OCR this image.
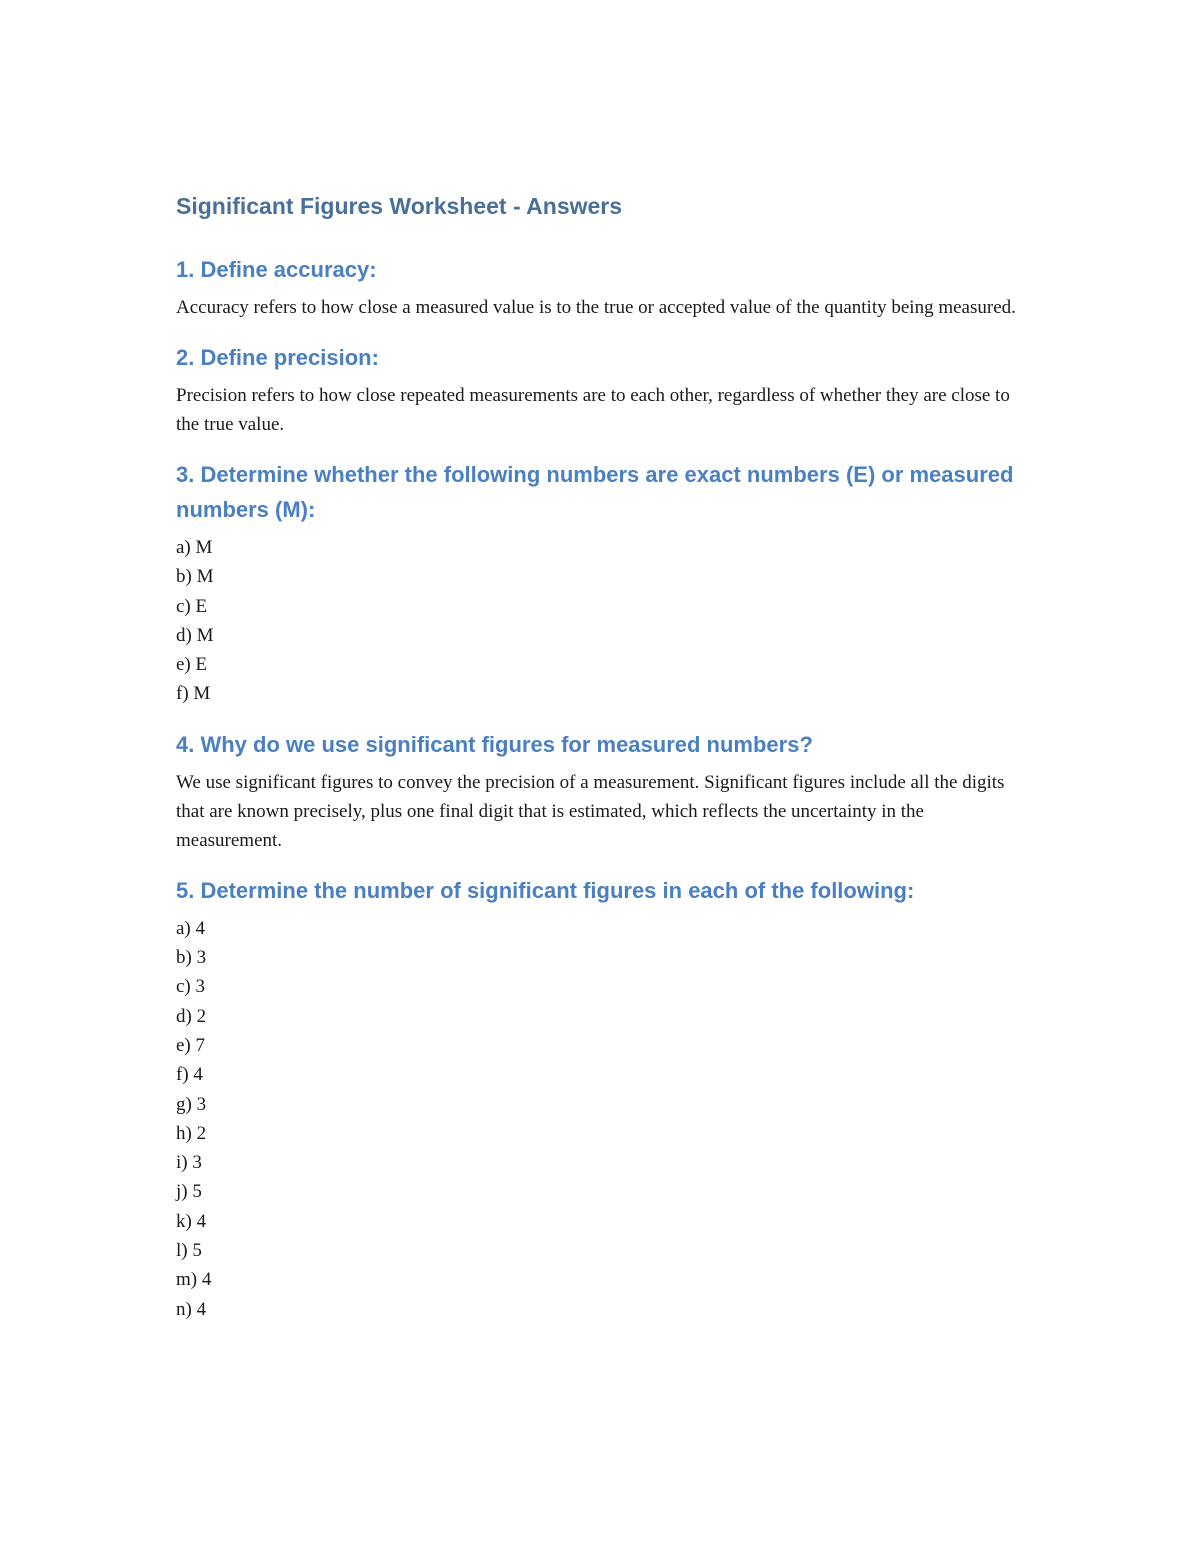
Significant Figures Worksheet - Answers
1. Define accuracy:

Accuracy refers to how close a measured value is to the true or accepted value of the quantity being measured.

2. Define precision:

Precision refers to how close repeated measurements are to each other, regardless of whether they are close to the true value.

3. Determine whether the following numbers are exact numbers (E) or measured numbers (M):
a) M
b) M
c) E
d) M
e) E
f) M
4. Why do we use significant figures for measured numbers?

We use significant figures to convey the precision of a measurement. Significant figures include all the digits that are known precisely, plus one final digit that is estimated, which reflects the uncertainty in the measurement.

5. Determine the number of significant figures in each of the following:
a) 4
b) 3
c) 3
d) 2
e) 7
f) 4
g) 3
h) 2
i) 3
j) 5
k) 4
l) 5
m) 4
n) 4
